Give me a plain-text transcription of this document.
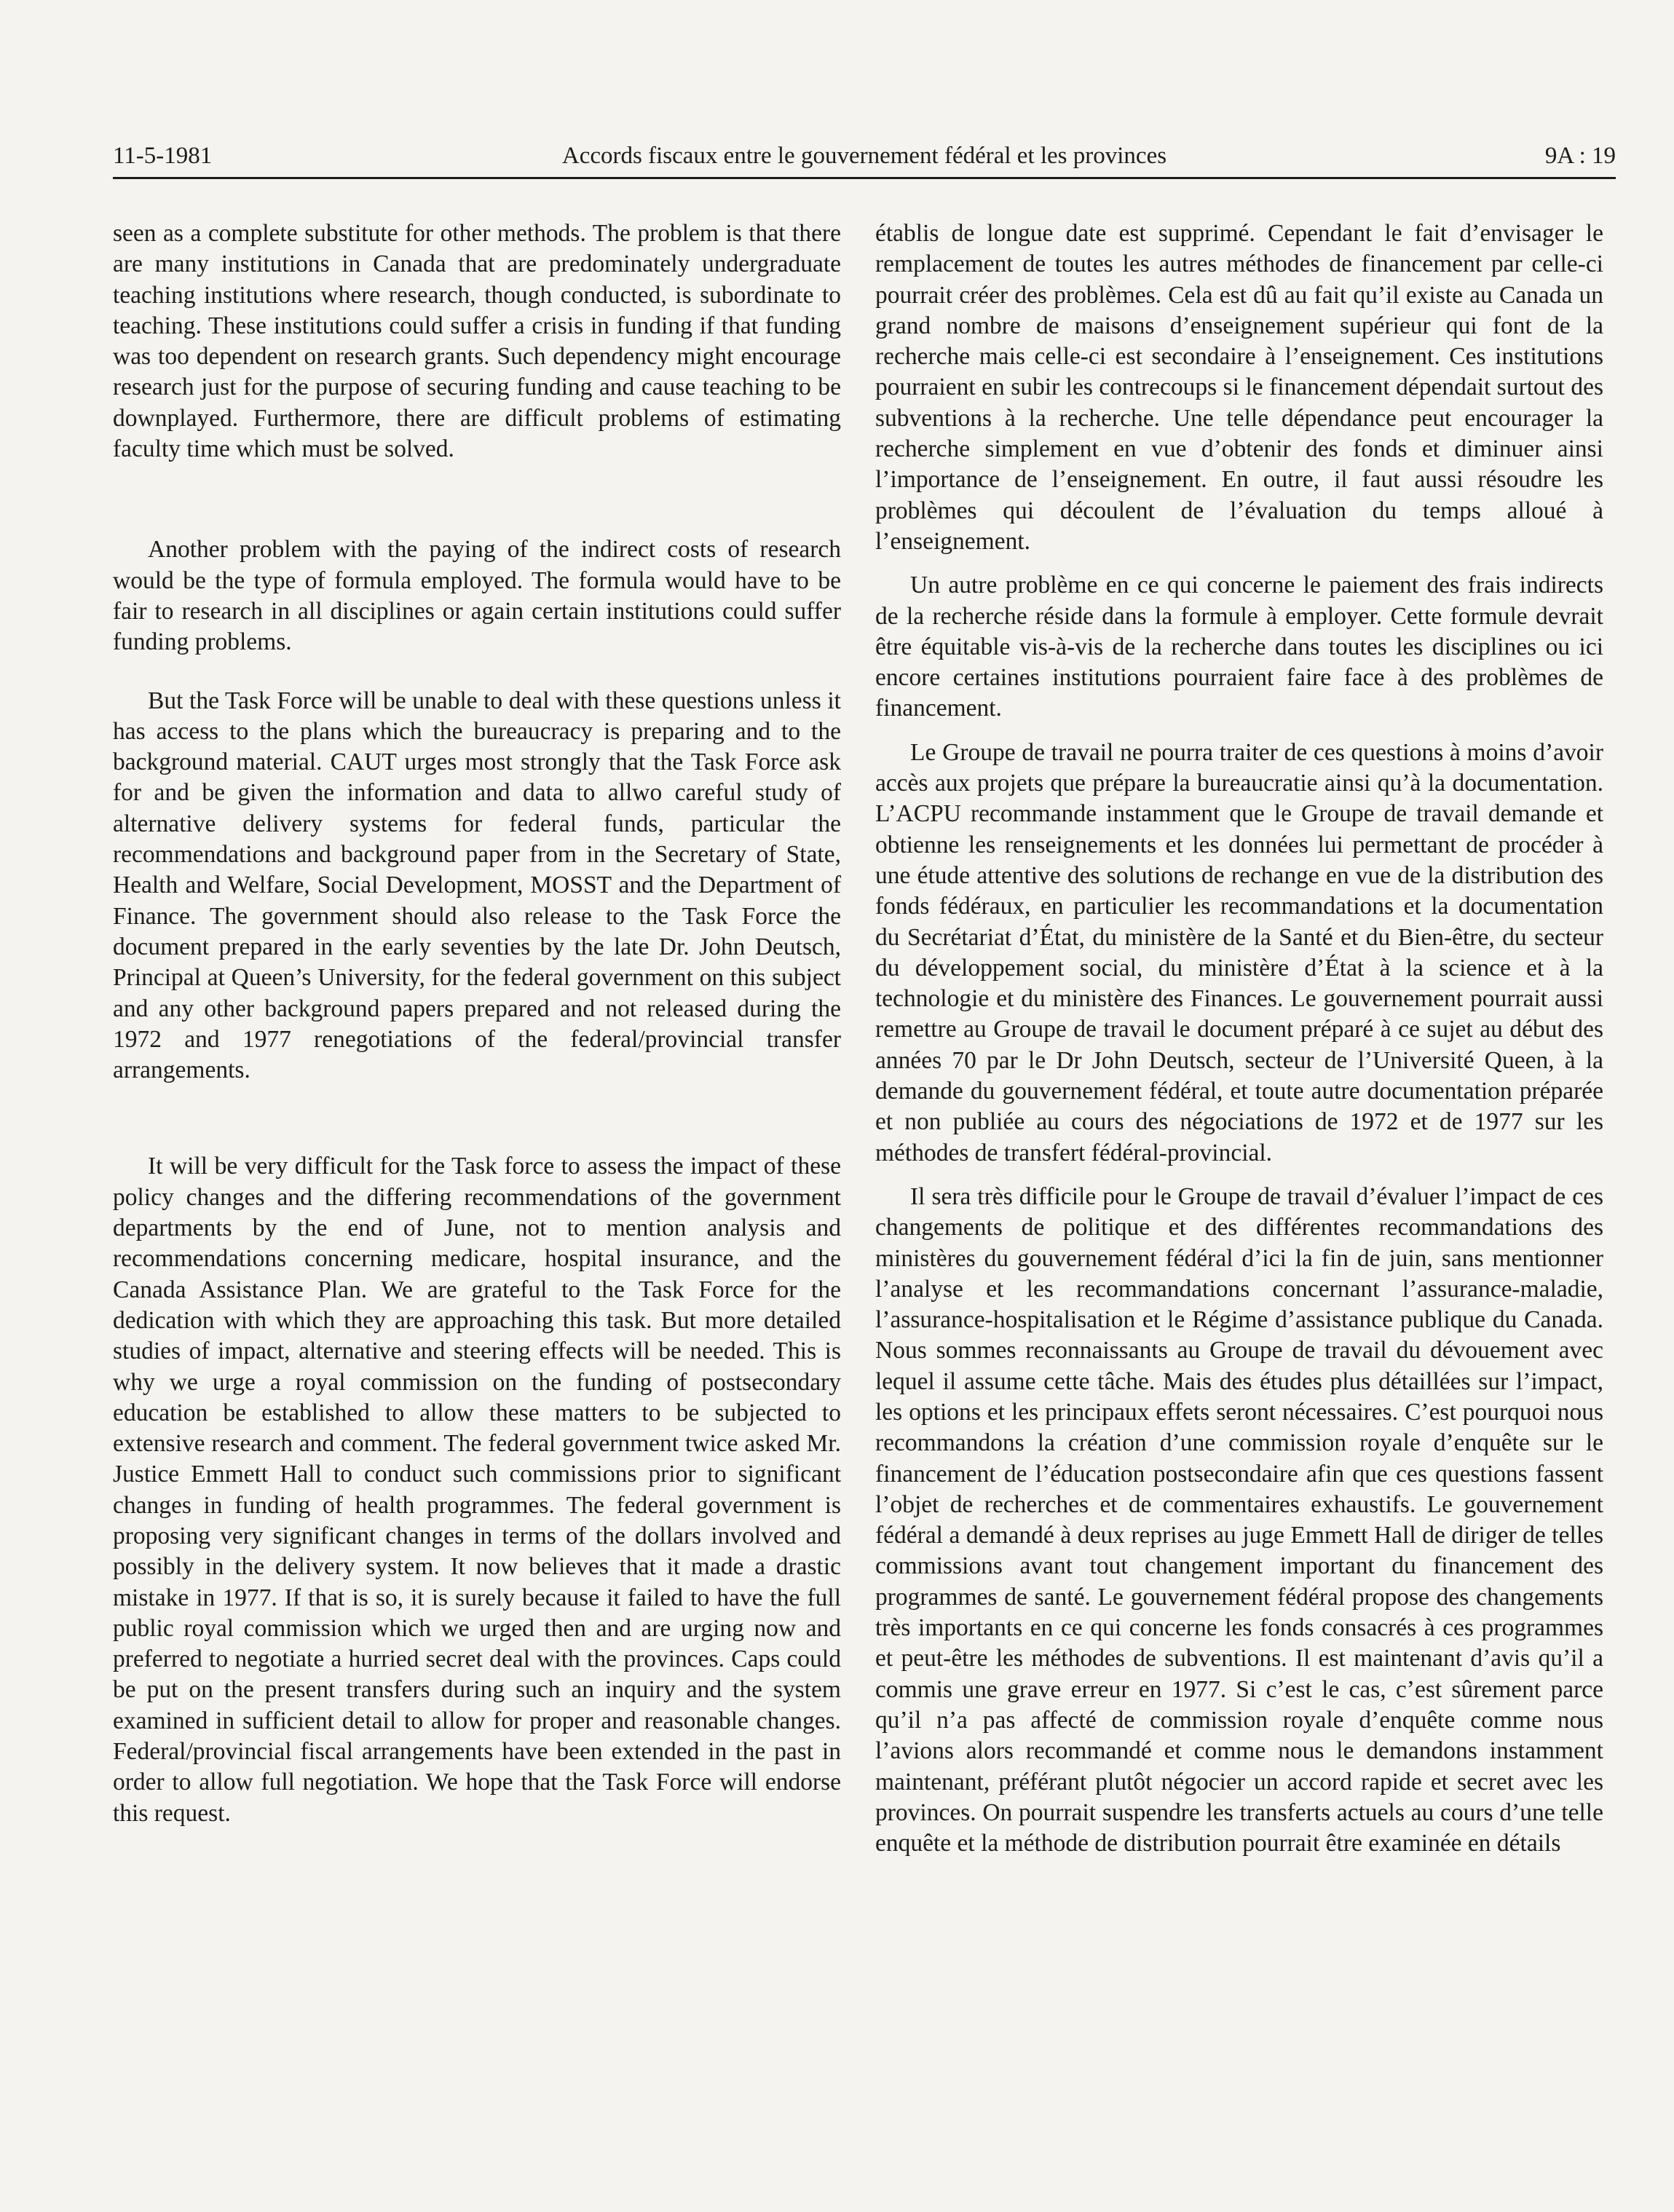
11-5-1981	Accords fiscaux entre le gouvernement fédéral et les provinces	9A : 19

seen as a complete substitute for other methods. The problem is that there are many institutions in Canada that are predominately undergraduate teaching institutions where research, though conducted, is subordinate to teaching. These institutions could suffer a crisis in funding if that funding was too dependent on research grants. Such dependency might encourage research just for the purpose of securing funding and cause teaching to be downplayed. Furthermore, there are difficult problems of estimating faculty time which must be solved.

Another problem with the paying of the indirect costs of research would be the type of formula employed. The formula would have to be fair to research in all disciplines or again certain institutions could suffer funding problems.

But the Task Force will be unable to deal with these questions unless it has access to the plans which the bureaucracy is preparing and to the background material. CAUT urges most strongly that the Task Force ask for and be given the information and data to allwo careful study of alternative delivery systems for federal funds, particular the recommendations and background paper from in the Secretary of State, Health and Welfare, Social Development, MOSST and the Department of Finance. The government should also release to the Task Force the document prepared in the early seventies by the late Dr. John Deutsch, Principal at Queen’s University, for the federal government on this subject and any other background papers prepared and not released during the 1972 and 1977 renegotiations of the federal/provincial transfer arrangements.

It will be very difficult for the Task force to assess the impact of these policy changes and the differing recommendations of the government departments by the end of June, not to mention analysis and recommendations concerning medicare, hospital insurance, and the Canada Assistance Plan. We are grateful to the Task Force for the dedication with which they are approaching this task. But more detailed studies of impact, alternative and steering effects will be needed. This is why we urge a royal commission on the funding of postsecondary education be established to allow these matters to be subjected to extensive research and comment. The federal government twice asked Mr. Justice Emmett Hall to conduct such commissions prior to significant changes in funding of health programmes. The federal government is proposing very significant changes in terms of the dollars involved and possibly in the delivery system. It now believes that it made a drastic mistake in 1977. If that is so, it is surely because it failed to have the full public royal commission which we urged then and are urging now and preferred to negotiate a hurried secret deal with the provinces. Caps could be put on the present transfers during such an inquiry and the system examined in sufficient detail to allow for proper and reasonable changes. Federal/provincial fiscal arrangements have been extended in the past in order to allow full negotiation. We hope that the Task Force will endorse this request.

établis de longue date est supprimé. Cependant le fait d’envisager le remplacement de toutes les autres méthodes de financement par celle-ci pourrait créer des problèmes. Cela est dû au fait qu’il existe au Canada un grand nombre de maisons d’enseignement supérieur qui font de la recherche mais celle-ci est secondaire à l’enseignement. Ces institutions pourraient en subir les contrecoups si le financement dépendait surtout des subventions à la recherche. Une telle dépendance peut encourager la recherche simplement en vue d’obtenir des fonds et diminuer ainsi l’importance de l’enseignement. En outre, il faut aussi résoudre les problèmes qui découlent de l’évaluation du temps alloué à l’enseignement.

Un autre problème en ce qui concerne le paiement des frais indirects de la recherche réside dans la formule à employer. Cette formule devrait être équitable vis-à-vis de la recherche dans toutes les disciplines ou ici encore certaines institutions pourraient faire face à des problèmes de financement.

Le Groupe de travail ne pourra traiter de ces questions à moins d’avoir accès aux projets que prépare la bureaucratie ainsi qu’à la documentation. L’ACPU recommande instamment que le Groupe de travail demande et obtienne les renseignements et les données lui permettant de procéder à une étude attentive des solutions de rechange en vue de la distribution des fonds fédéraux, en particulier les recommandations et la documentation du Secrétariat d’État, du ministère de la Santé et du Bien-être, du secteur du développement social, du ministère d’État à la science et à la technologie et du ministère des Finances. Le gouvernement pourrait aussi remettre au Groupe de travail le document préparé à ce sujet au début des années 70 par le Dr John Deutsch, secteur de l’Université Queen, à la demande du gouvernement fédéral, et toute autre documentation préparée et non publiée au cours des négociations de 1972 et de 1977 sur les méthodes de transfert fédéral-provincial.

Il sera très difficile pour le Groupe de travail d’évaluer l’impact de ces changements de politique et des différentes recommandations des ministères du gouvernement fédéral d’ici la fin de juin, sans mentionner l’analyse et les recommandations concernant l’assurance-maladie, l’assurance-hospitalisation et le Régime d’assistance publique du Canada. Nous sommes reconnaissants au Groupe de travail du dévouement avec lequel il assume cette tâche. Mais des études plus détaillées sur l’impact, les options et les principaux effets seront nécessaires. C’est pourquoi nous recommandons la création d’une commission royale d’enquête sur le financement de l’éducation postsecondaire afin que ces questions fassent l’objet de recherches et de commentaires exhaustifs. Le gouvernement fédéral a demandé à deux reprises au juge Emmett Hall de diriger de telles commissions avant tout changement important du financement des programmes de santé. Le gouvernement fédéral propose des changements très importants en ce qui concerne les fonds consacrés à ces programmes et peut-être les méthodes de subventions. Il est maintenant d’avis qu’il a commis une grave erreur en 1977. Si c’est le cas, c’est sûrement parce qu’il n’a pas affecté de commission royale d’enquête comme nous l’avions alors recommandé et comme nous le demandons instamment maintenant, préférant plutôt négocier un accord rapide et secret avec les provinces. On pourrait suspendre les transferts actuels au cours d’une telle enquête et la méthode de distribution pourrait être examinée en détails
